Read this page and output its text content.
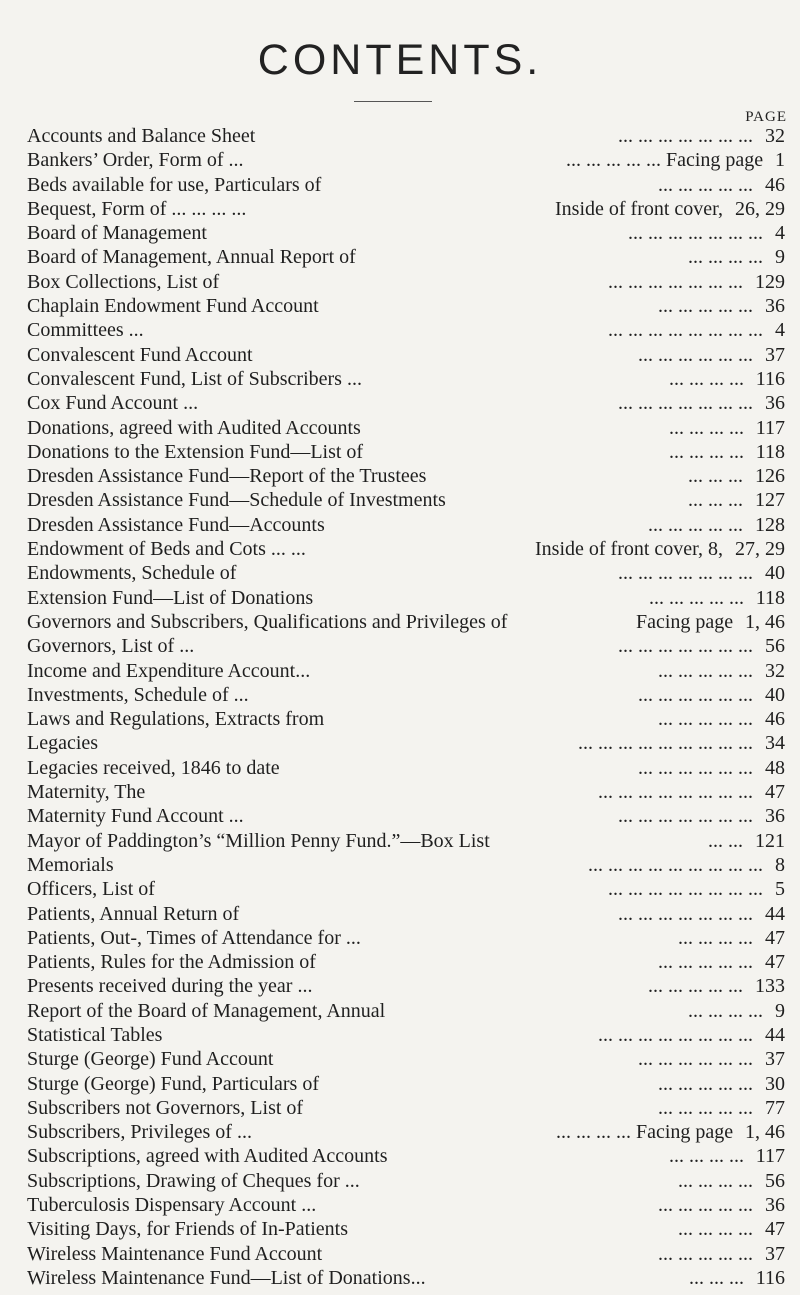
CONTENTS.
PAGE
Accounts and Balance Sheet	... ... ... ... ... ... ... 32
Bankers’ Order, Form of ...	... ... ... ... ... Facing page 1
Beds available for use, Particulars of	... ... ... ... ... 46
Bequest, Form of ... ... ... ...	Inside of front cover, 26, 29
Board of Management	... ... ... ... ... ... ... 4
Board of Management, Annual Report of	... ... ... ... 9
Box Collections, List of	... ... ... ... ... ... ... 129
Chaplain Endowment Fund Account	... ... ... ... ... 36
Committees ...	... ... ... ... ... ... ... ... 4
Convalescent Fund Account	... ... ... ... ... ... 37
Convalescent Fund, List of Subscribers ...	... ... ... ... 116
Cox Fund Account ...	... ... ... ... ... ... ... 36
Donations, agreed with Audited Accounts	... ... ... ... 117
Donations to the Extension Fund—List of	... ... ... ... 118
Dresden Assistance Fund—Report of the Trustees	... ... ... 126
Dresden Assistance Fund—Schedule of Investments	... ... ... 127
Dresden Assistance Fund—Accounts	... ... ... ... ... 128
Endowment of Beds and Cots ... ...	Inside of front cover, 8, 27, 29
Endowments, Schedule of	... ... ... ... ... ... ... 40
Extension Fund—List of Donations	... ... ... ... ... 118
Governors and Subscribers, Qualifications and Privileges of	Facing page 1, 46
Governors, List of ...	... ... ... ... ... ... ... 56
Income and Expenditure Account...	... ... ... ... ... 32
Investments, Schedule of ...	... ... ... ... ... ... 40
Laws and Regulations, Extracts from	... ... ... ... ... 46
Legacies	... ... ... ... ... ... ... ... ... 34
Legacies received, 1846 to date	... ... ... ... ... ... 48
Maternity, The	... ... ... ... ... ... ... ... 47
Maternity Fund Account ...	... ... ... ... ... ... ... 36
Mayor of Paddington’s “Million Penny Fund.”—Box List	... ... 121
Memorials	... ... ... ... ... ... ... ... ... 8
Officers, List of	... ... ... ... ... ... ... ... 5
Patients, Annual Return of	... ... ... ... ... ... ... 44
Patients, Out-, Times of Attendance for ...	... ... ... ... 47
Patients, Rules for the Admission of	... ... ... ... ... 47
Presents received during the year ...	... ... ... ... ... 133
Report of the Board of Management, Annual	... ... ... ... 9
Statistical Tables	... ... ... ... ... ... ... ... 44
Sturge (George) Fund Account	... ... ... ... ... ... 37
Sturge (George) Fund, Particulars of	... ... ... ... ... 30
Subscribers not Governors, List of	... ... ... ... ... 77
Subscribers, Privileges of ...	... ... ... ... Facing page 1, 46
Subscriptions, agreed with Audited Accounts	... ... ... ... 117
Subscriptions, Drawing of Cheques for ...	... ... ... ... 56
Tuberculosis Dispensary Account ...	... ... ... ... ... 36
Visiting Days, for Friends of In-Patients	... ... ... ... 47
Wireless Maintenance Fund Account	... ... ... ... ... 37
Wireless Maintenance Fund—List of Donations...	... ... ... 116
